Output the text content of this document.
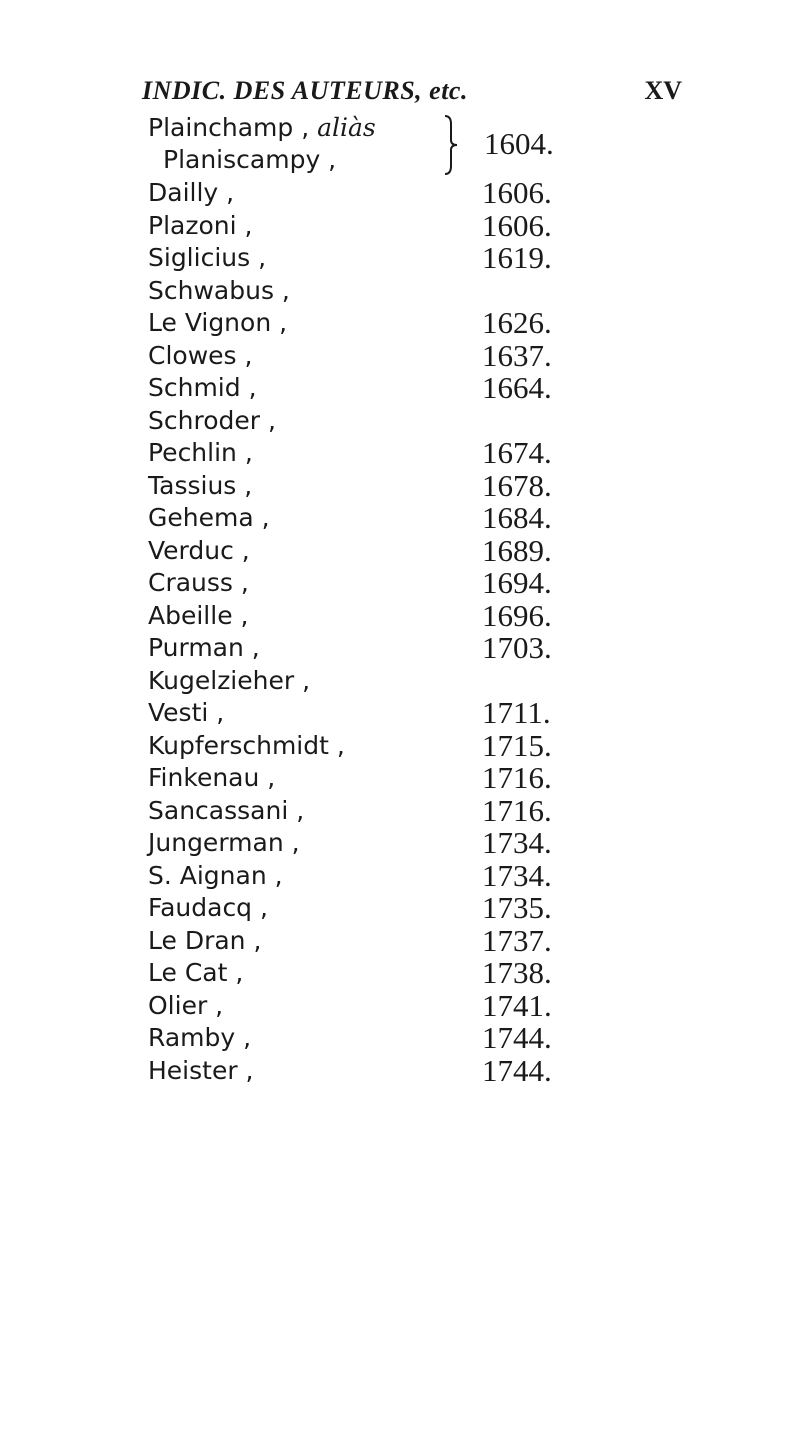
INDIC. DES AUTEURS, etc.	XV
Plainchamp , aliàs
Planiscampy ,	1604.
Dailly ,	1606.
Plazoni ,	1606.
Siglicius ,	1619.
Schwabus ,
Le Vignon ,	1626.
Clowes ,	1637.
Schmid ,	1664.
Schroder ,
Pechlin ,	1674.
Tassius ,	1678.
Gehema ,	1684.
Verduc ,	1689.
Crauss ,	1694.
Abeille ,	1696.
Purman ,	1703.
Kugelzieher ,
Vesti ,	1711.
Kupferschmidt ,	1715.
Finkenau ,	1716.
Sancassani ,	1716.
Jungerman ,	1734.
S. Aignan ,	1734.
Faudacq ,	1735.
Le Dran ,	1737.
Le Cat ,	1738.
Olier ,	1741.
Ramby ,	1744.
Heister ,	1744.
